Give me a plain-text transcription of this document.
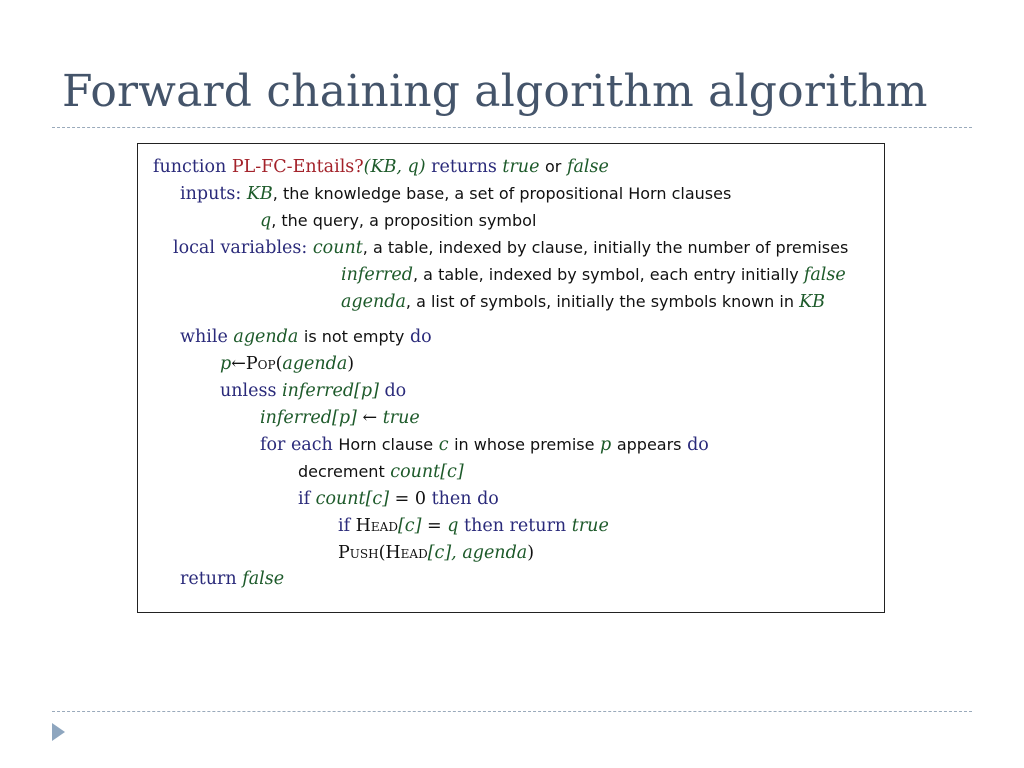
Forward chaining algorithm algorithm
function PL-FC-Entails?(KB, q) returns true or false
inputs: KB, the knowledge base, a set of propositional Horn clauses
q, the query, a proposition symbol
local variables: count, a table, indexed by clause, initially the number of premises
inferred, a table, indexed by symbol, each entry initially false
agenda, a list of symbols, initially the symbols known in KB
while agenda is not empty do
p←Pop(agenda)
unless inferred[p] do
inferred[p] ← true
for each Horn clause c in whose premise p appears do
decrement count[c]
if count[c] = 0 then do
if Head[c] = q then return true
Push(Head[c], agenda)
return false
